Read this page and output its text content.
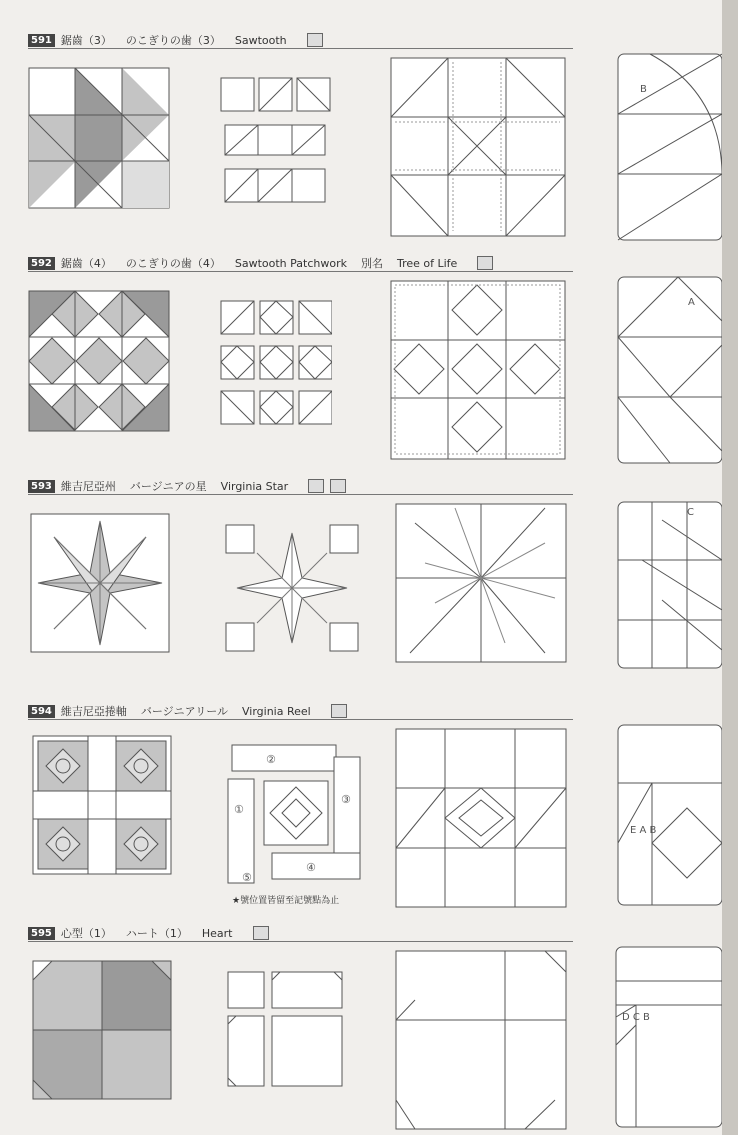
591 鋸齒（3） のこぎりの歯（3） Sawtooth
B
592 鋸齒（4） のこぎりの歯（4） Sawtooth Patchwork 別名 Tree of Life
A
593 維吉尼亞州 バージニアの星 Virginia Star
C
594 維吉尼亞捲軸 バージニアリール Virginia Reel
②
③
④
①
⑤
★號位置皆留至記號點為止
E A B
595 心型（1） ハート（1） Heart
D C B
